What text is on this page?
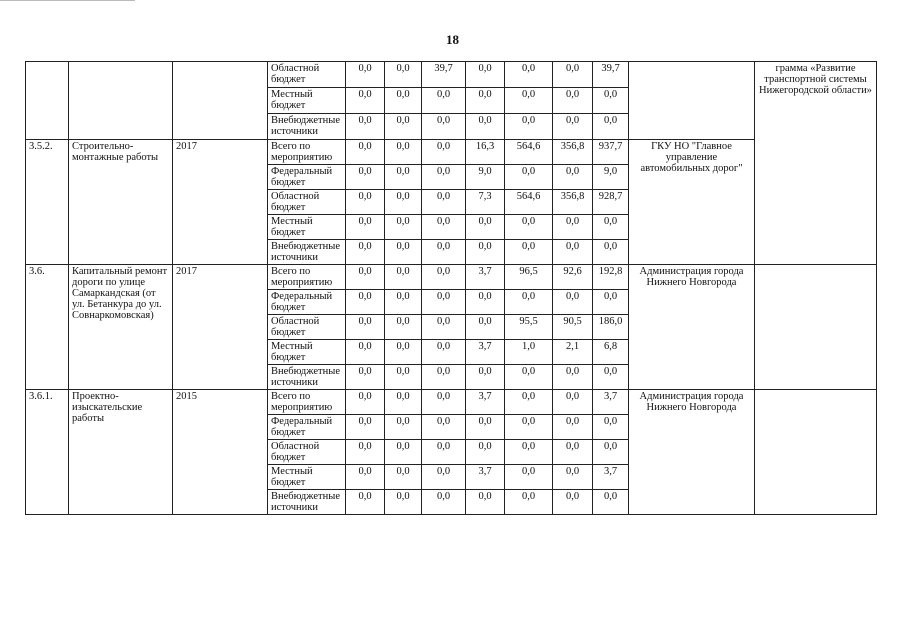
18
			Областной бюджет	0,0	0,0	39,7	0,0	0,0	0,0	39,7		грамма «Развитие транспортной системы Нижегородской области»
			Местный бюджет	0,0	0,0	0,0	0,0	0,0	0,0	0,0		
			Внебюджетные источники	0,0	0,0	0,0	0,0	0,0	0,0	0,0		
3.5.2.	Строительно-монтажные работы	2017	Всего по мероприятию	0,0	0,0	0,0	16,3	564,6	356,8	937,7	ГКУ НО "Главное управление автомобильных дорог"	
			Федеральный бюджет	0,0	0,0	0,0	9,0	0,0	0,0	9,0		
			Областной бюджет	0,0	0,0	0,0	7,3	564,6	356,8	928,7		
			Местный бюджет	0,0	0,0	0,0	0,0	0,0	0,0	0,0		
			Внебюджетные источники	0,0	0,0	0,0	0,0	0,0	0,0	0,0		
3.6.	Капитальный ремонт дороги по улице Самаркандская (от ул. Бетанкура до ул. Совнаркомовская)	2017	Всего по мероприятию	0,0	0,0	0,0	3,7	96,5	92,6	192,8	Администрация города Нижнего Новгорода	
			Федеральный бюджет	0,0	0,0	0,0	0,0	0,0	0,0	0,0		
			Областной бюджет	0,0	0,0	0,0	0,0	95,5	90,5	186,0		
			Местный бюджет	0,0	0,0	0,0	3,7	1,0	2,1	6,8		
			Внебюджетные источники	0,0	0,0	0,0	0,0	0,0	0,0	0,0		
3.6.1.	Проектно-изыскательские работы	2015	Всего по мероприятию	0,0	0,0	0,0	3,7	0,0	0,0	3,7	Администрация города Нижнего Новгорода	
			Федеральный бюджет	0,0	0,0	0,0	0,0	0,0	0,0	0,0		
			Областной бюджет	0,0	0,0	0,0	0,0	0,0	0,0	0,0		
			Местный бюджет	0,0	0,0	0,0	3,7	0,0	0,0	3,7		
			Внебюджетные источники	0,0	0,0	0,0	0,0	0,0	0,0	0,0		
